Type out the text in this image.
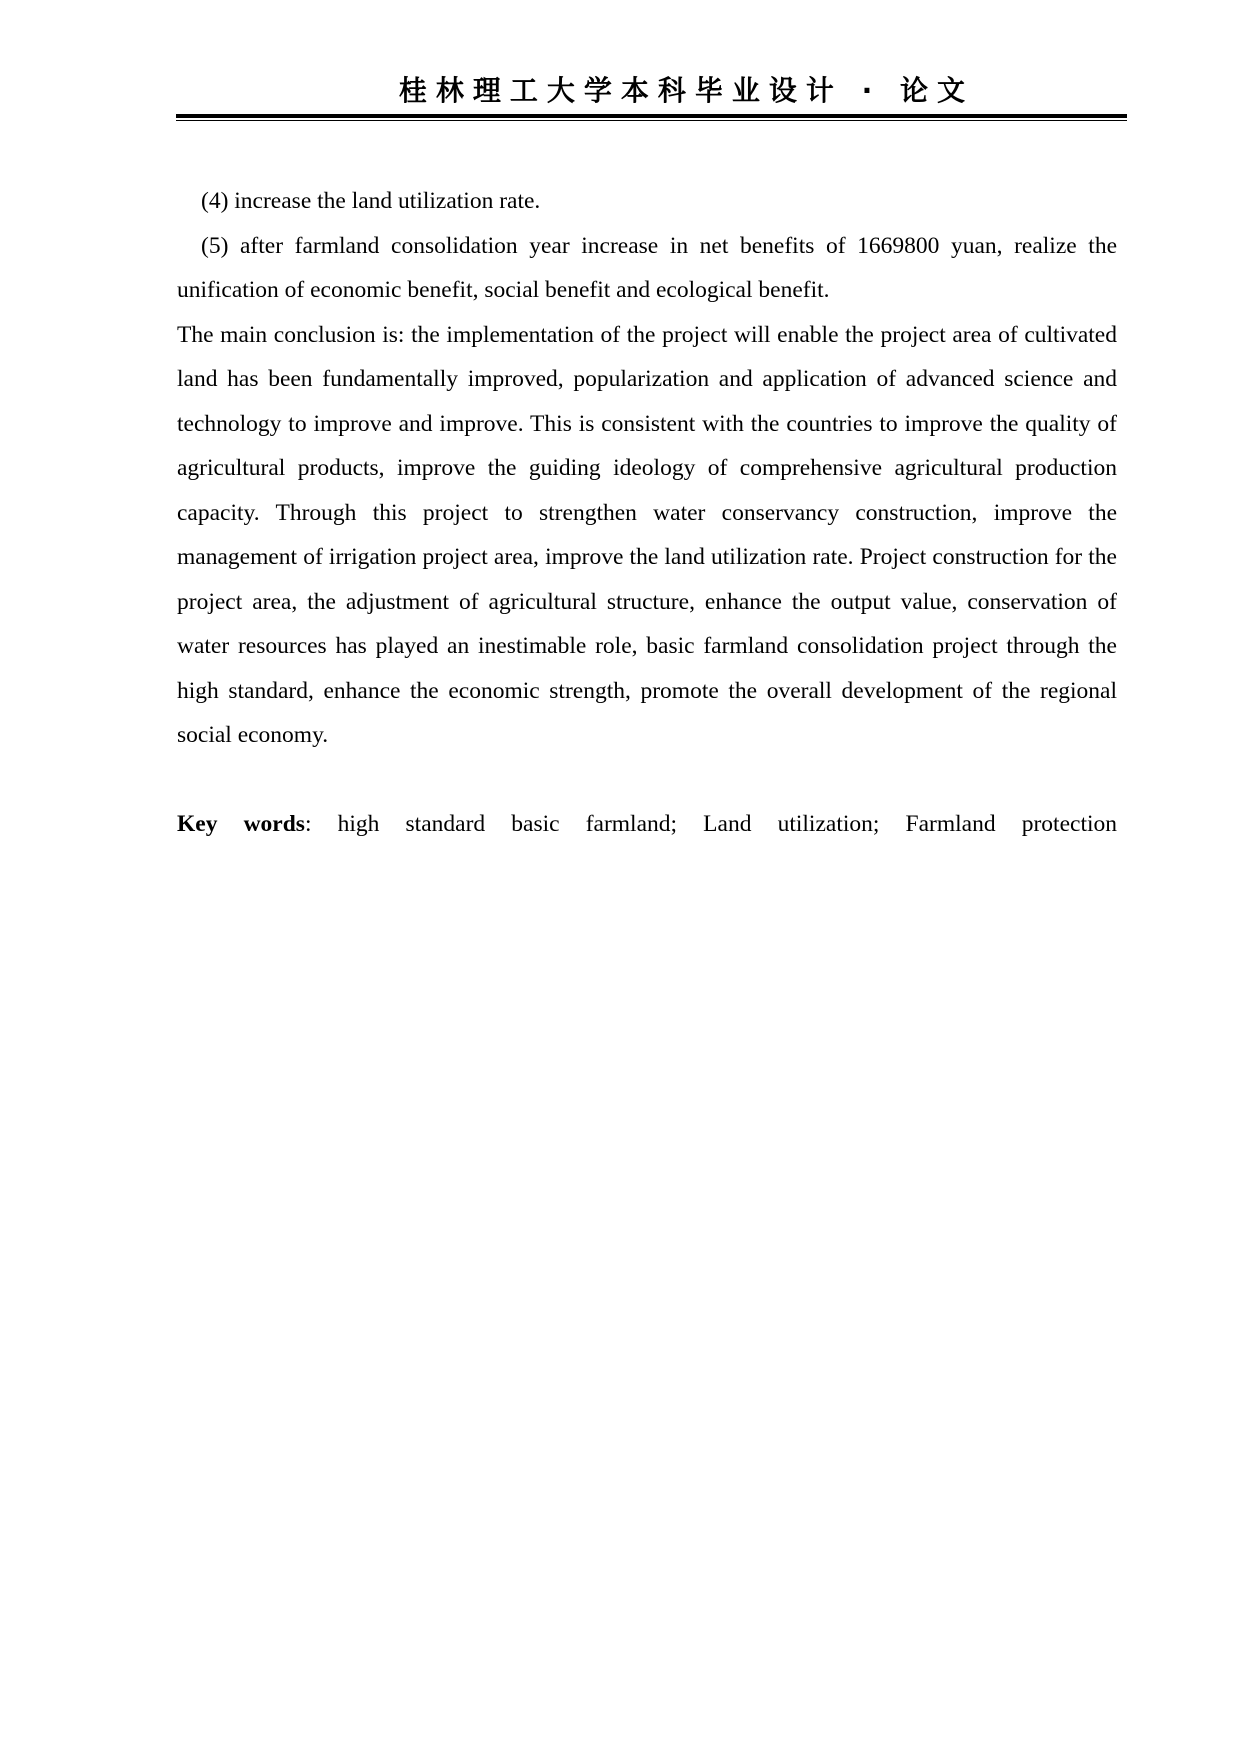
桂林理工大学本科毕业设计 · 论文

(4) increase the land utilization rate.

(5) after farmland consolidation year increase in net benefits of 1669800 yuan, realize the unification of economic benefit, social benefit and ecological benefit.

The main conclusion is: the implementation of the project will enable the project area of cultivated land has been fundamentally improved, popularization and application of advanced science and technology to improve and improve. This is consistent with the countries to improve the quality of agricultural products, improve the guiding ideology of comprehensive agricultural production capacity. Through this project to strengthen water conservancy construction, improve the management of irrigation project area, improve the land utilization rate. Project construction for the project area, the adjustment of agricultural structure, enhance the output value, conservation of water resources has played an inestimable role, basic farmland consolidation project through the high standard, enhance the economic strength, promote the overall development of the regional social economy.

Key words: high standard basic farmland; Land utilization; Farmland protection
